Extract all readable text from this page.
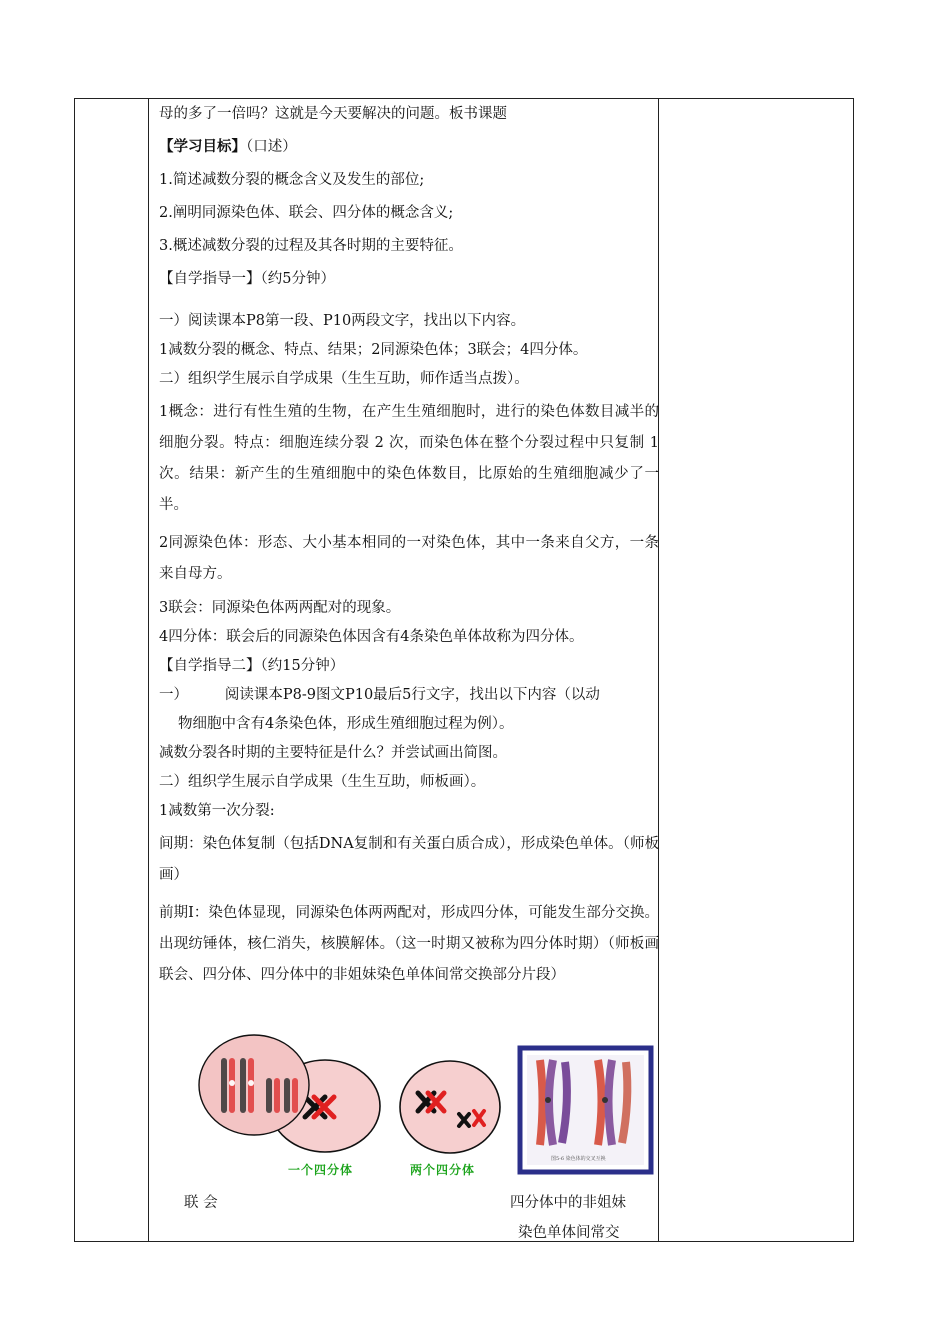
母的多了一倍吗？这就是今天要解决的问题。板书课题

【学习目标】（口述）

1.简述减数分裂的概念含义及发生的部位;

2.阐明同源染色体、联会、四分体的概念含义;

3.概述减数分裂的过程及其各时期的主要特征。

【自学指导一】（约5分钟）

一）阅读课本P8第一段、P10两段文字，找出以下内容。

1减数分裂的概念、特点、结果；2同源染色体；3联会；4四分体。

二）组织学生展示自学成果（生生互助，师作适当点拨）。

1概念：进行有性生殖的生物，在产生生殖细胞时，进行的染色体数目减半的细胞分裂。特点：细胞连续分裂 2 次，而染色体在整个分裂过程中只复制 1 次。结果：新产生的生殖细胞中的染色体数目，比原始的生殖细胞减少了一半。

2同源染色体：形态、大小基本相同的一对染色体，其中一条来自父方，一条来自母方。

3联会：同源染色体两两配对的现象。

4四分体：联会后的同源染色体因含有4条染色单体故称为四分体。

【自学指导二】（约15分钟）

一）        阅读课本P8-9图文P10最后5行文字，找出以下内容（以动

物细胞中含有4条染色体，形成生殖细胞过程为例）。

减数分裂各时期的主要特征是什么？并尝试画出简图。

二）组织学生展示自学成果（生生互助，师板画）。

1减数第一次分裂:

间期：染色体复制（包括DNA复制和有关蛋白质合成），形成染色单体。（师板画）

前期Ⅰ：染色体显现，同源染色体两两配对，形成四分体，可能发生部分交换。出现纺锤体，核仁消失，核膜解体。（这一时期又被称为四分体时期）（师板画联会、四分体、四分体中的非姐妹染色单体间常交换部分片段）

一个四分体	两个四分体
图5-6 染色体的交叉互换
联 会	四分体中的非姐妹
染色单体间常交
